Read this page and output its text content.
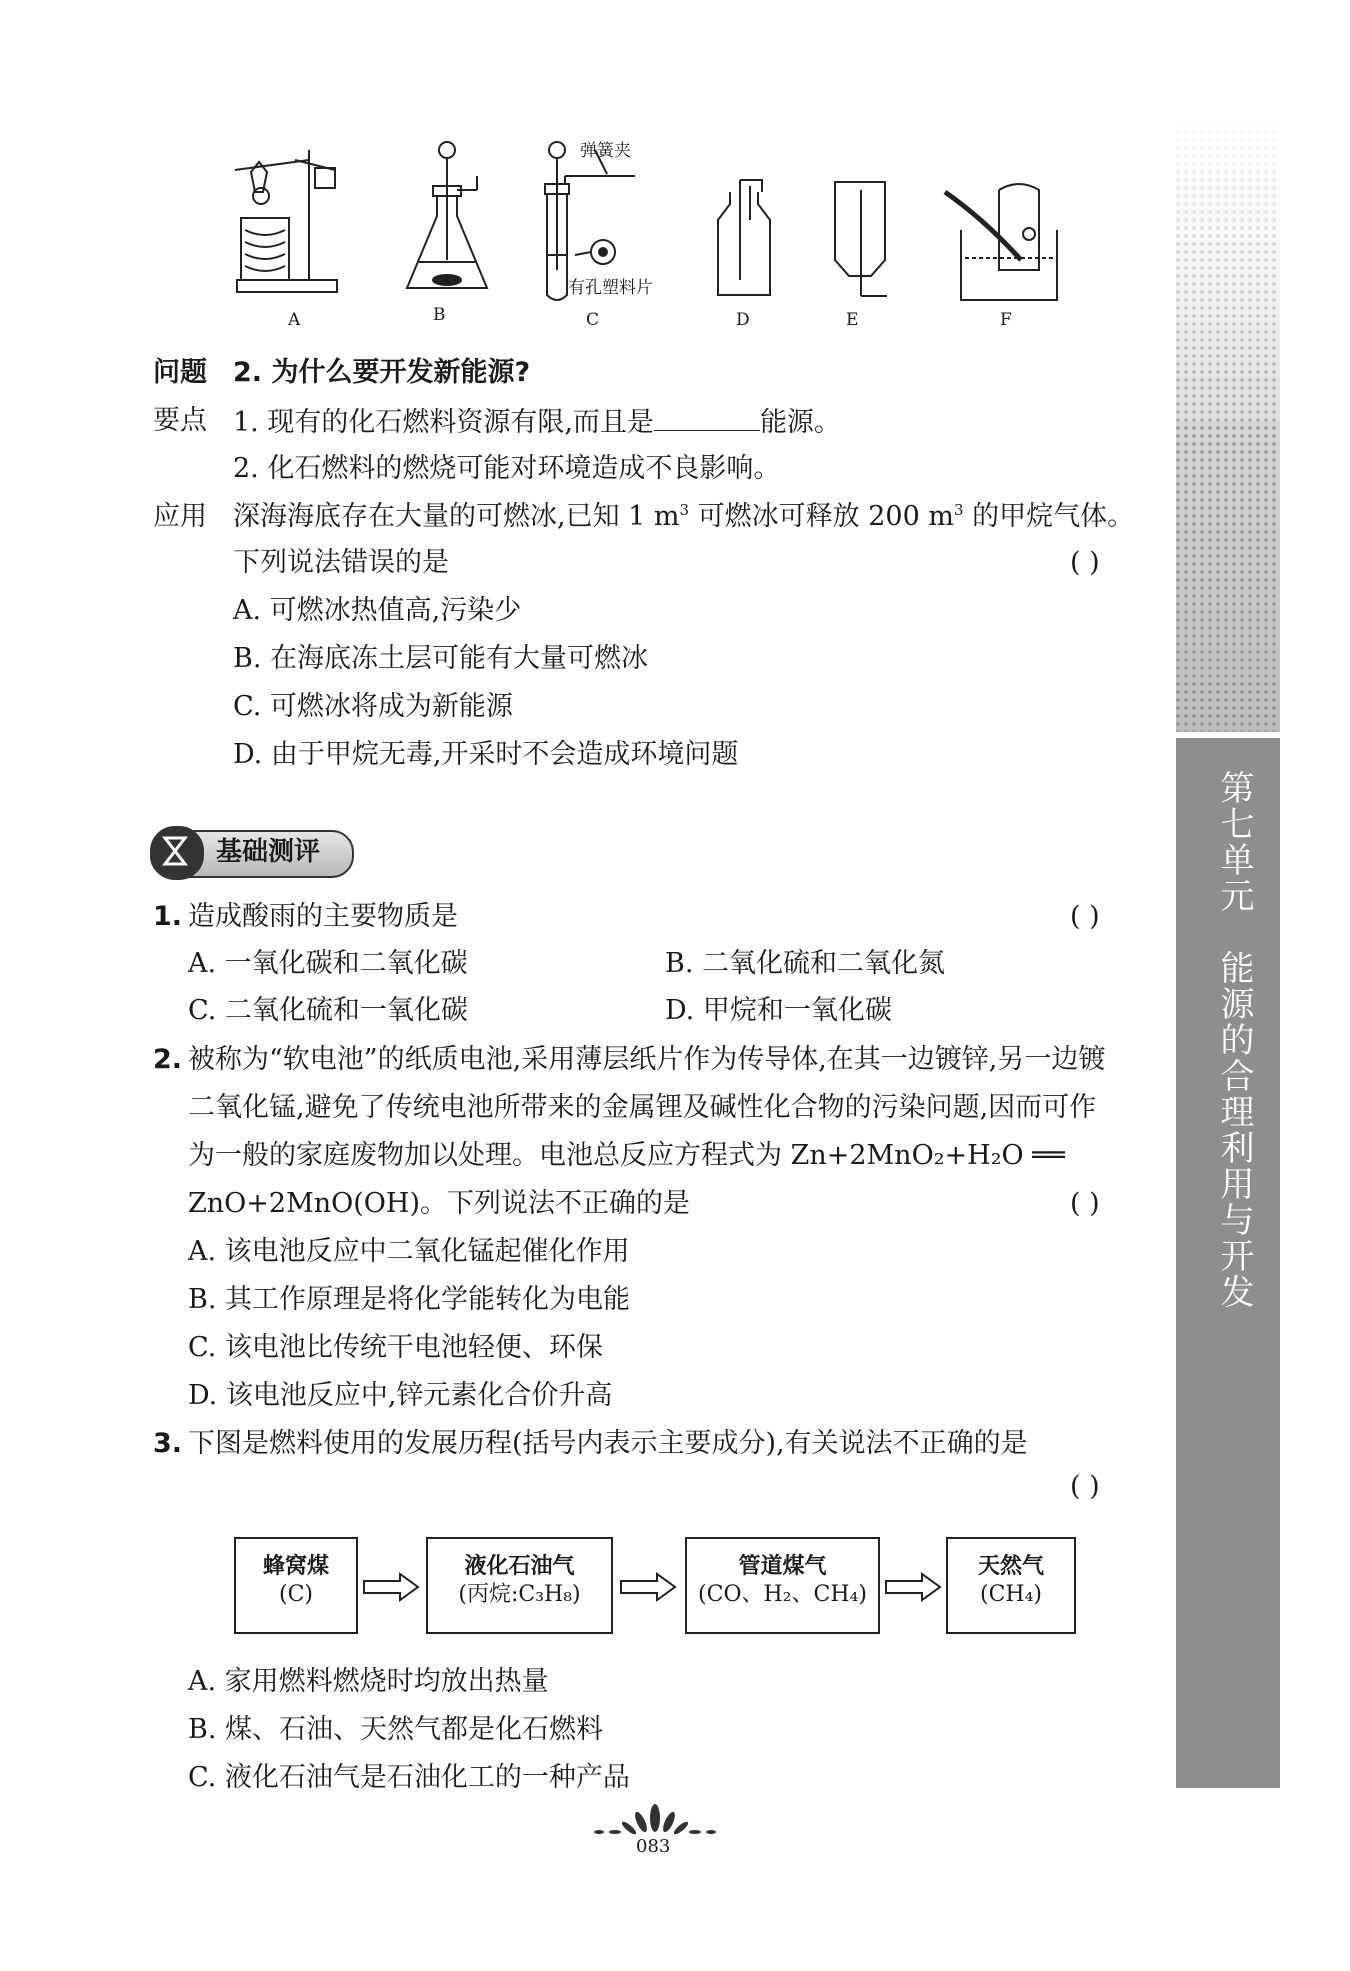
第七单元　能源的合理利用与开发
A	B	C	D	E	F
弹簧夹
有孔塑料片
问题 2. 为什么要开发新能源?
要点 1. 现有的化石燃料资源有限,而且是	能源。
2. 化石燃料的燃烧可能对环境造成不良影响。
应用 深海海底存在大量的可燃冰,已知 1 $m^3$ 可燃冰可释放 200 $m^3$ 的甲烷气体。
下列说法错误的是	( )
A. 可燃冰热值高,污染少
B. 在海底冻土层可能有大量可燃冰
C. 可燃冰将成为新能源
D. 由于甲烷无毒,开采时不会造成环境问题
基础测评
1. 造成酸雨的主要物质是	( )
A. 一氧化碳和二氧化碳	B. 二氧化硫和二氧化氮
C. 二氧化硫和一氧化碳	D. 甲烷和一氧化碳
2. 被称为“软电池”的纸质电池,采用薄层纸片作为传导体,在其一边镀锌,另一边镀
二氧化锰,避免了传统电池所带来的金属锂及碱性化合物的污染问题,因而可作
为一般的家庭废物加以处理。电池总反应方程式为 Zn+2MnO₂+H₂O ══
ZnO+2MnO(OH)。下列说法不正确的是	( )
A. 该电池反应中二氧化锰起催化作用
B. 其工作原理是将化学能转化为电能
C. 该电池比传统干电池轻便、环保
D. 该电池反应中,锌元素化合价升高
3. 下图是燃料使用的发展历程(括号内表示主要成分),有关说法不正确的是
( )
蜂窝煤
(C)
液化石油气
(丙烷:C₃H₈)
管道煤气
(CO、H₂、CH₄)
天然气
(CH₄)
A. 家用燃料燃烧时均放出热量
B. 煤、石油、天然气都是化石燃料
C. 液化石油气是石油化工的一种产品
083
